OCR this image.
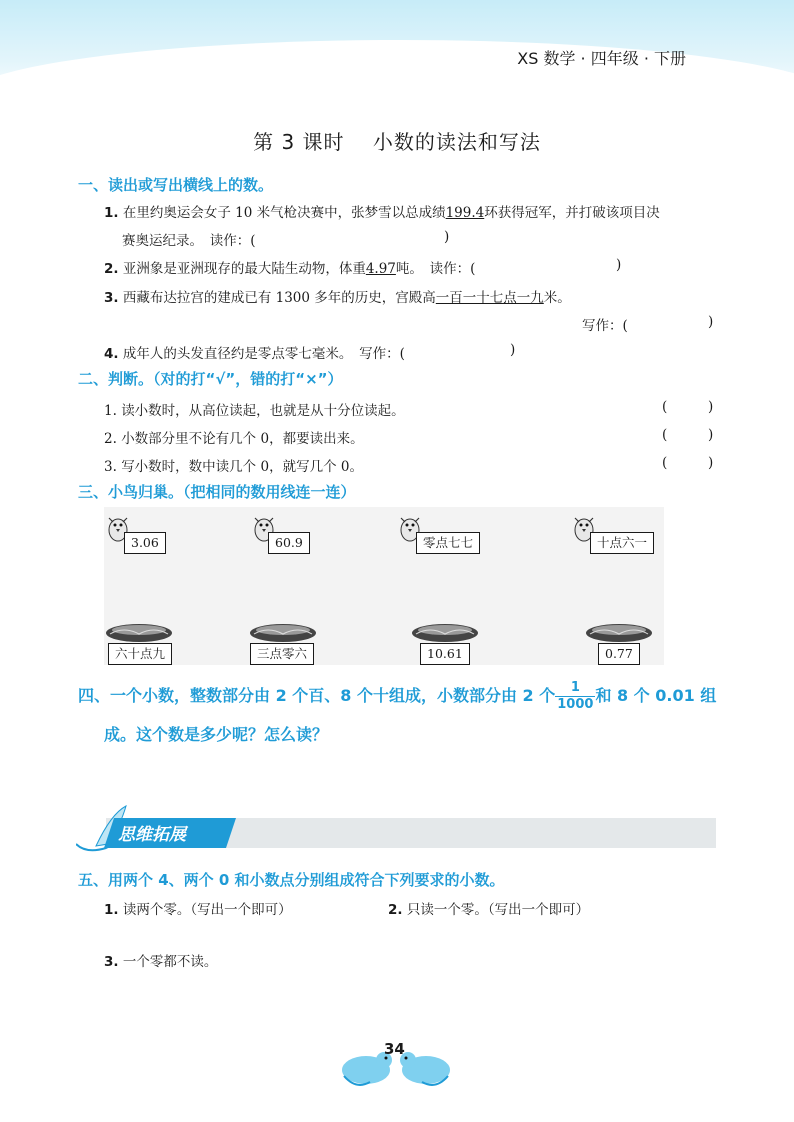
XS 数学 · 四年级 · 下册
第 3 课时　 小数的读法和写法
一、读出或写出横线上的数。
1. 在里约奥运会女子 10 米气枪决赛中，张梦雪以总成绩199.4环获得冠军，并打破该项目决
赛奥运纪录。　读作：(	)
2. 亚洲象是亚洲现存的最大陆生动物，体重4.97吨。　读作：(	)
3. 西藏布达拉宫的建成已有 1300 多年的历史，宫殿高一百一十七点一九米。
写作：(	)
4. 成年人的头发直径约是零点零七毫米。　写作：(	)
二、判断。（对的打“√”，错的打“×”）
1. 读小数时，从高位读起，也就是从十分位读起。	(	)
2. 小数部分里不论有几个 0，都要读出来。	(	)
3. 写小数时，数中读几个 0，就写几个 0。	(	)
三、小鸟归巢。（把相同的数用线连一连）
3.06	60.9	零点七七	十点六一
六十点九	三点零六	10.61	0.77
四、一个小数，整数部分由 2 个百、8 个十组成，小数部分由 2 个 $\frac{1}{1000}$ 和 8 个 0.01 组
成。这个数是多少呢？怎么读？
思维拓展
五、用两个 4、两个 0 和小数点分别组成符合下列要求的小数。
1. 读两个零。（写出一个即可）	2. 只读一个零。（写出一个即可）
3. 一个零都不读。
34
